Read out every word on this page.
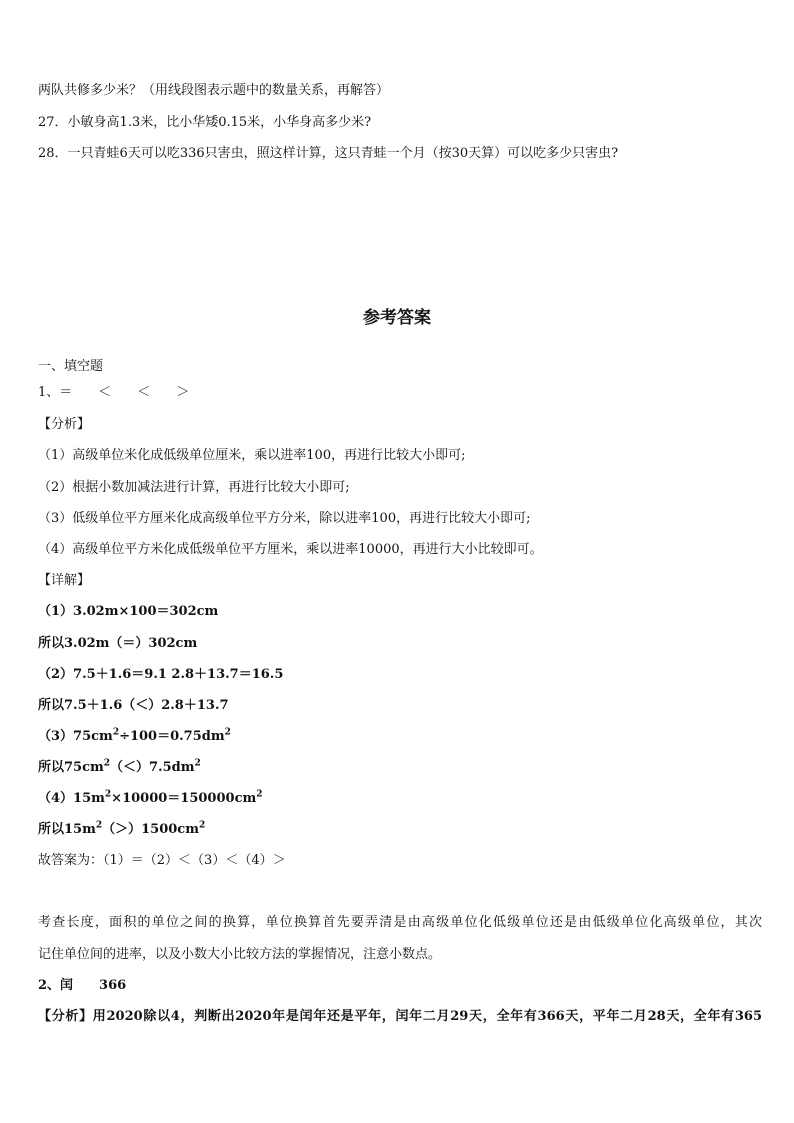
两队共修多少米？（用线段图表示题中的数量关系，再解答）
27．小敏身高1.3米，比小华矮0.15米，小华身高多少米?
28．一只青蛙6天可以吃336只害虫，照这样计算，这只青蛙一个月（按30天算）可以吃多少只害虫?
参考答案
一、填空题
1、＝　　＜　　＜　　＞
【分析】
（1）高级单位米化成低级单位厘米，乘以进率100，再进行比较大小即可;
（2）根据小数加减法进行计算，再进行比较大小即可;
（3）低级单位平方厘米化成高级单位平方分米，除以进率100，再进行比较大小即可;
（4）高级单位平方米化成低级单位平方厘米，乘以进率10000，再进行大小比较即可。
【详解】
（1）3.02m×100＝302cm
所以3.02m（＝）302cm
（2）7.5＋1.6＝9.1 2.8＋13.7＝16.5
所以7.5＋1.6（＜）2.8＋13.7
$(3)75cm^2\div 100=0.75dm^2$
所以$75cm^2(<)7.5dm^2$
$(4)15m^2\times 10000=150000cm^2$
所以$15m^2(>)1500cm^2$
故答案为：（1）＝（2）＜（3）＜（4）＞
考查长度，面积的单位之间的换算，单位换算首先要弄清是由高级单位化低级单位还是由低级单位化高级单位，其次
记住单位间的进率，以及小数大小比较方法的掌握情况，注意小数点。
2、闰　　366
【分析】用2020除以4，判断出2020年是闰年还是平年，闰年二月29天，全年有366天，平年二月28天，全年有365
